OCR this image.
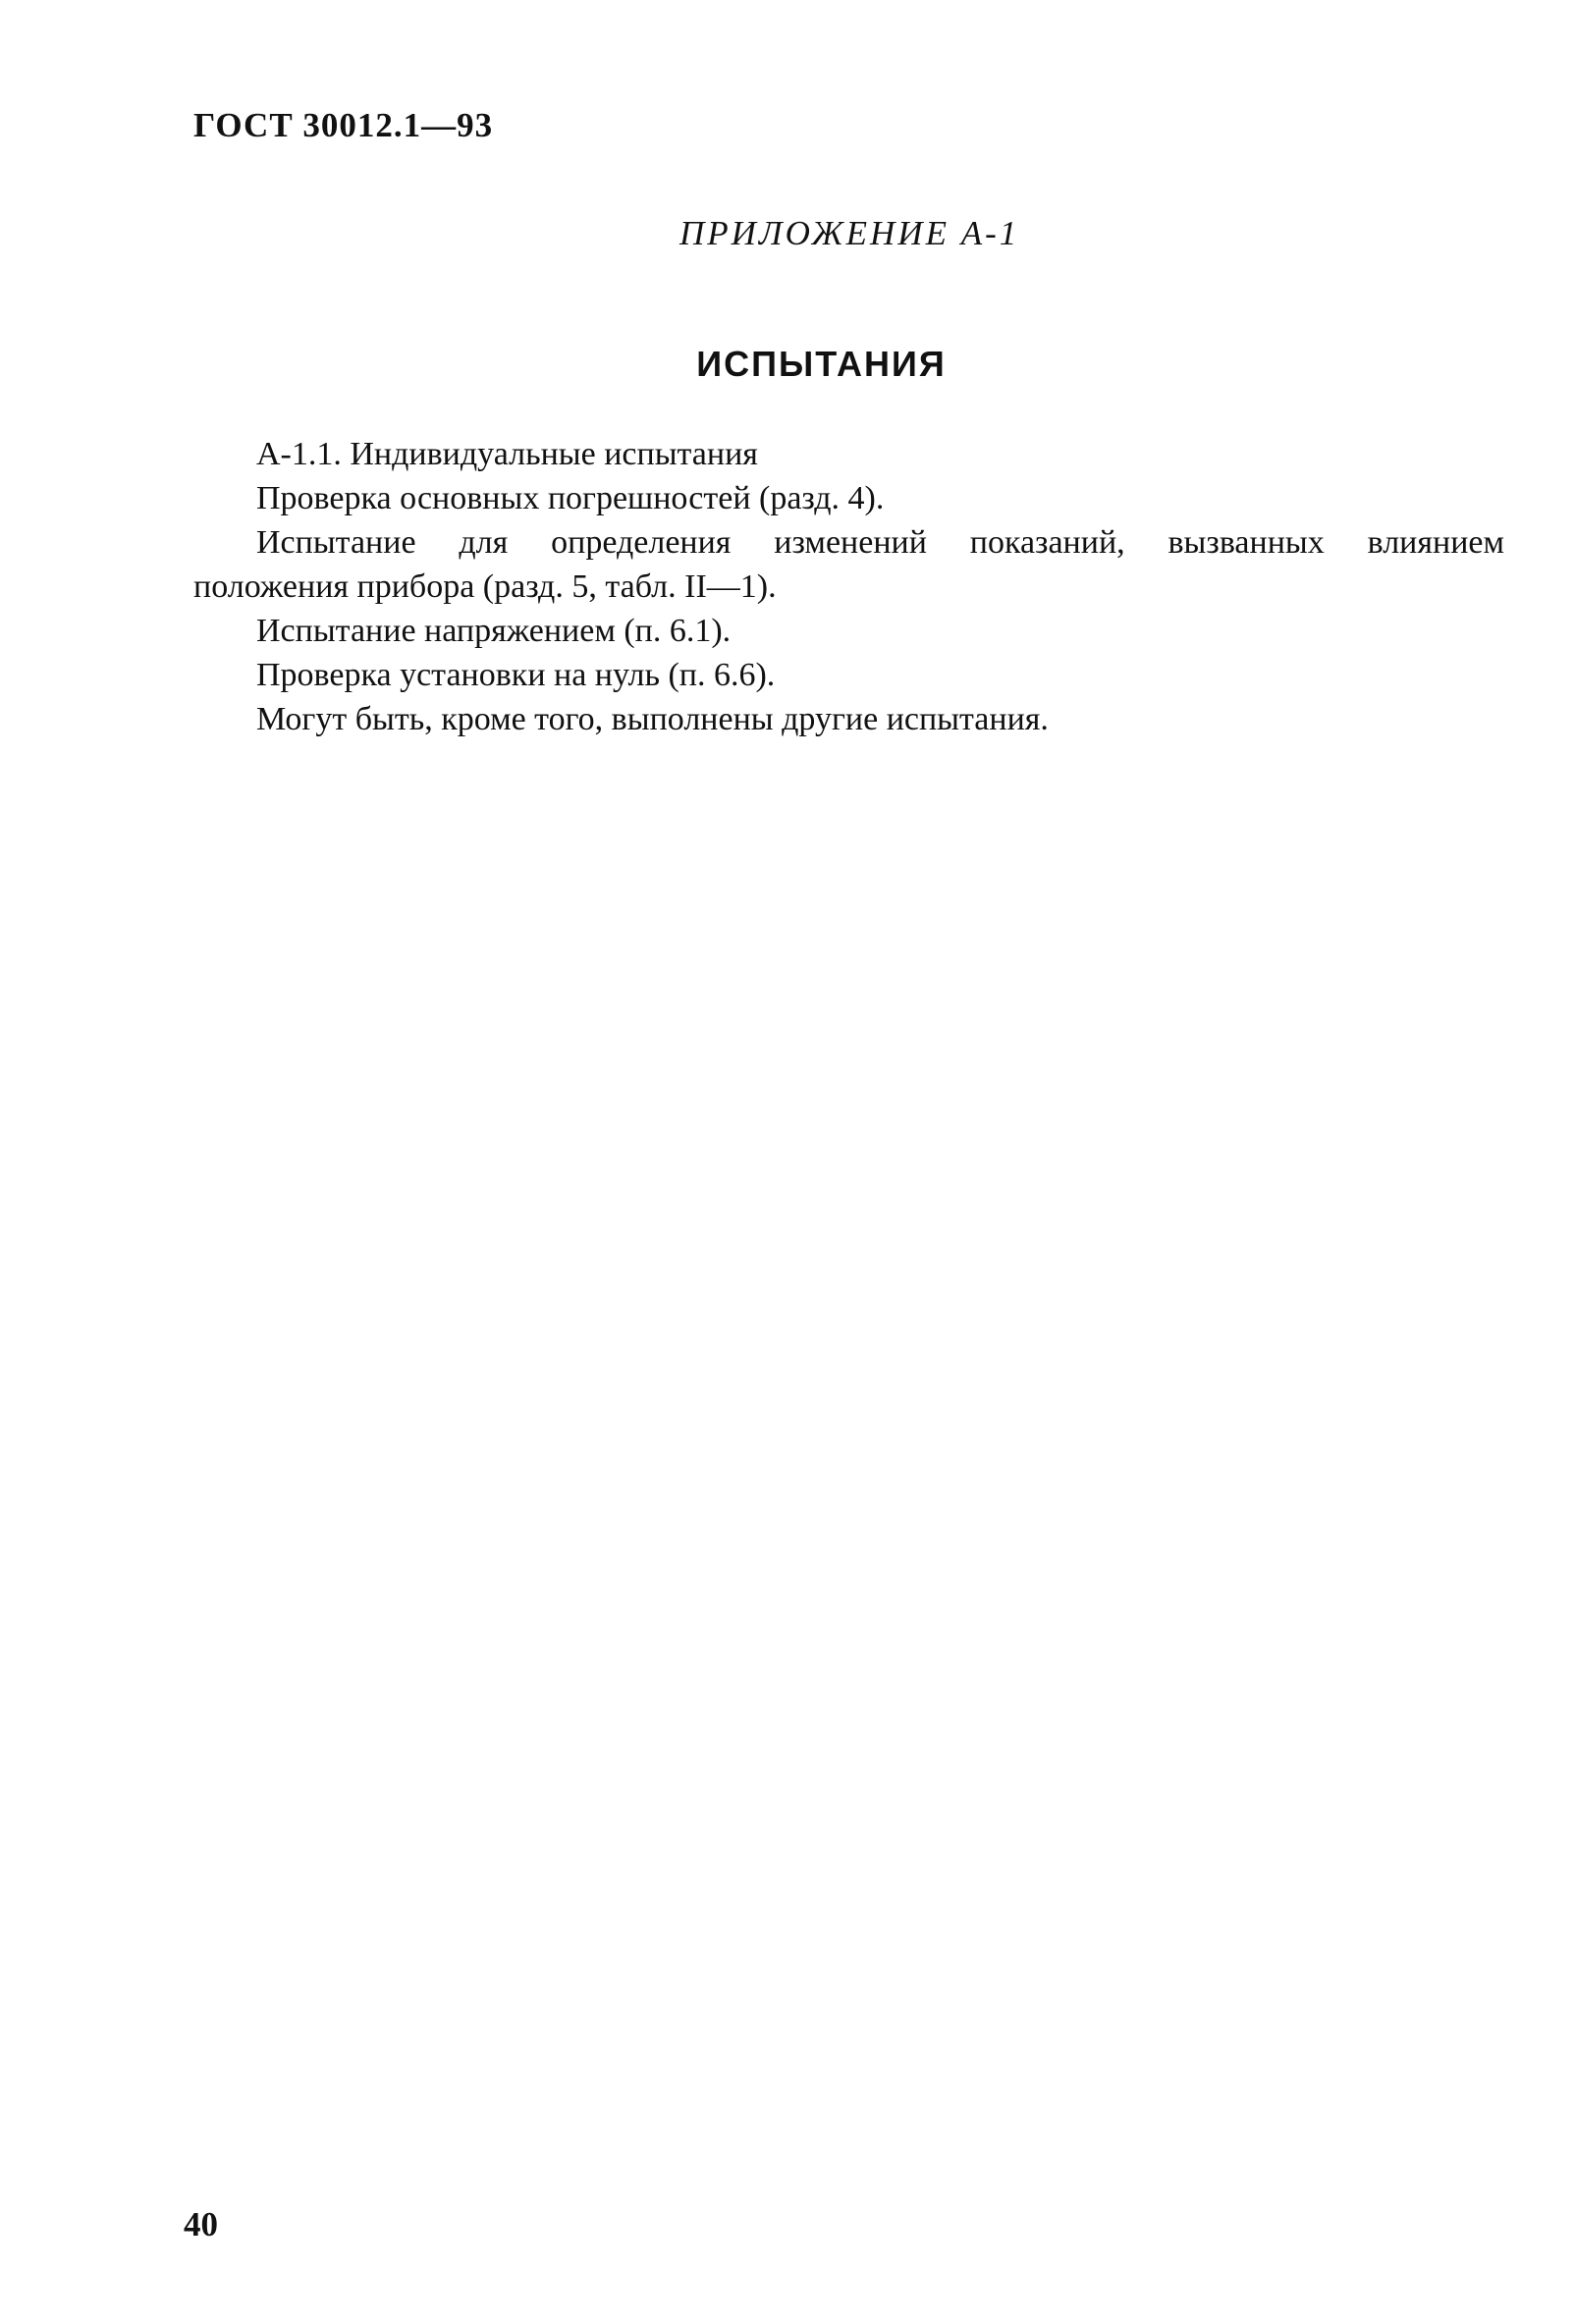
ГОСТ 30012.1—93
ПРИЛОЖЕНИЕ А-1
ИСПЫТАНИЯ
А-1.1. Индивидуальные испытания
Проверка основных погрешностей (разд. 4).
Испытание для определения изменений показаний, вызванных влиянием
положения прибора (разд. 5, табл. II—1).
Испытание напряжением (п. 6.1).
Проверка установки на нуль (п. 6.6).
Могут быть, кроме того, выполнены другие испытания.
40
